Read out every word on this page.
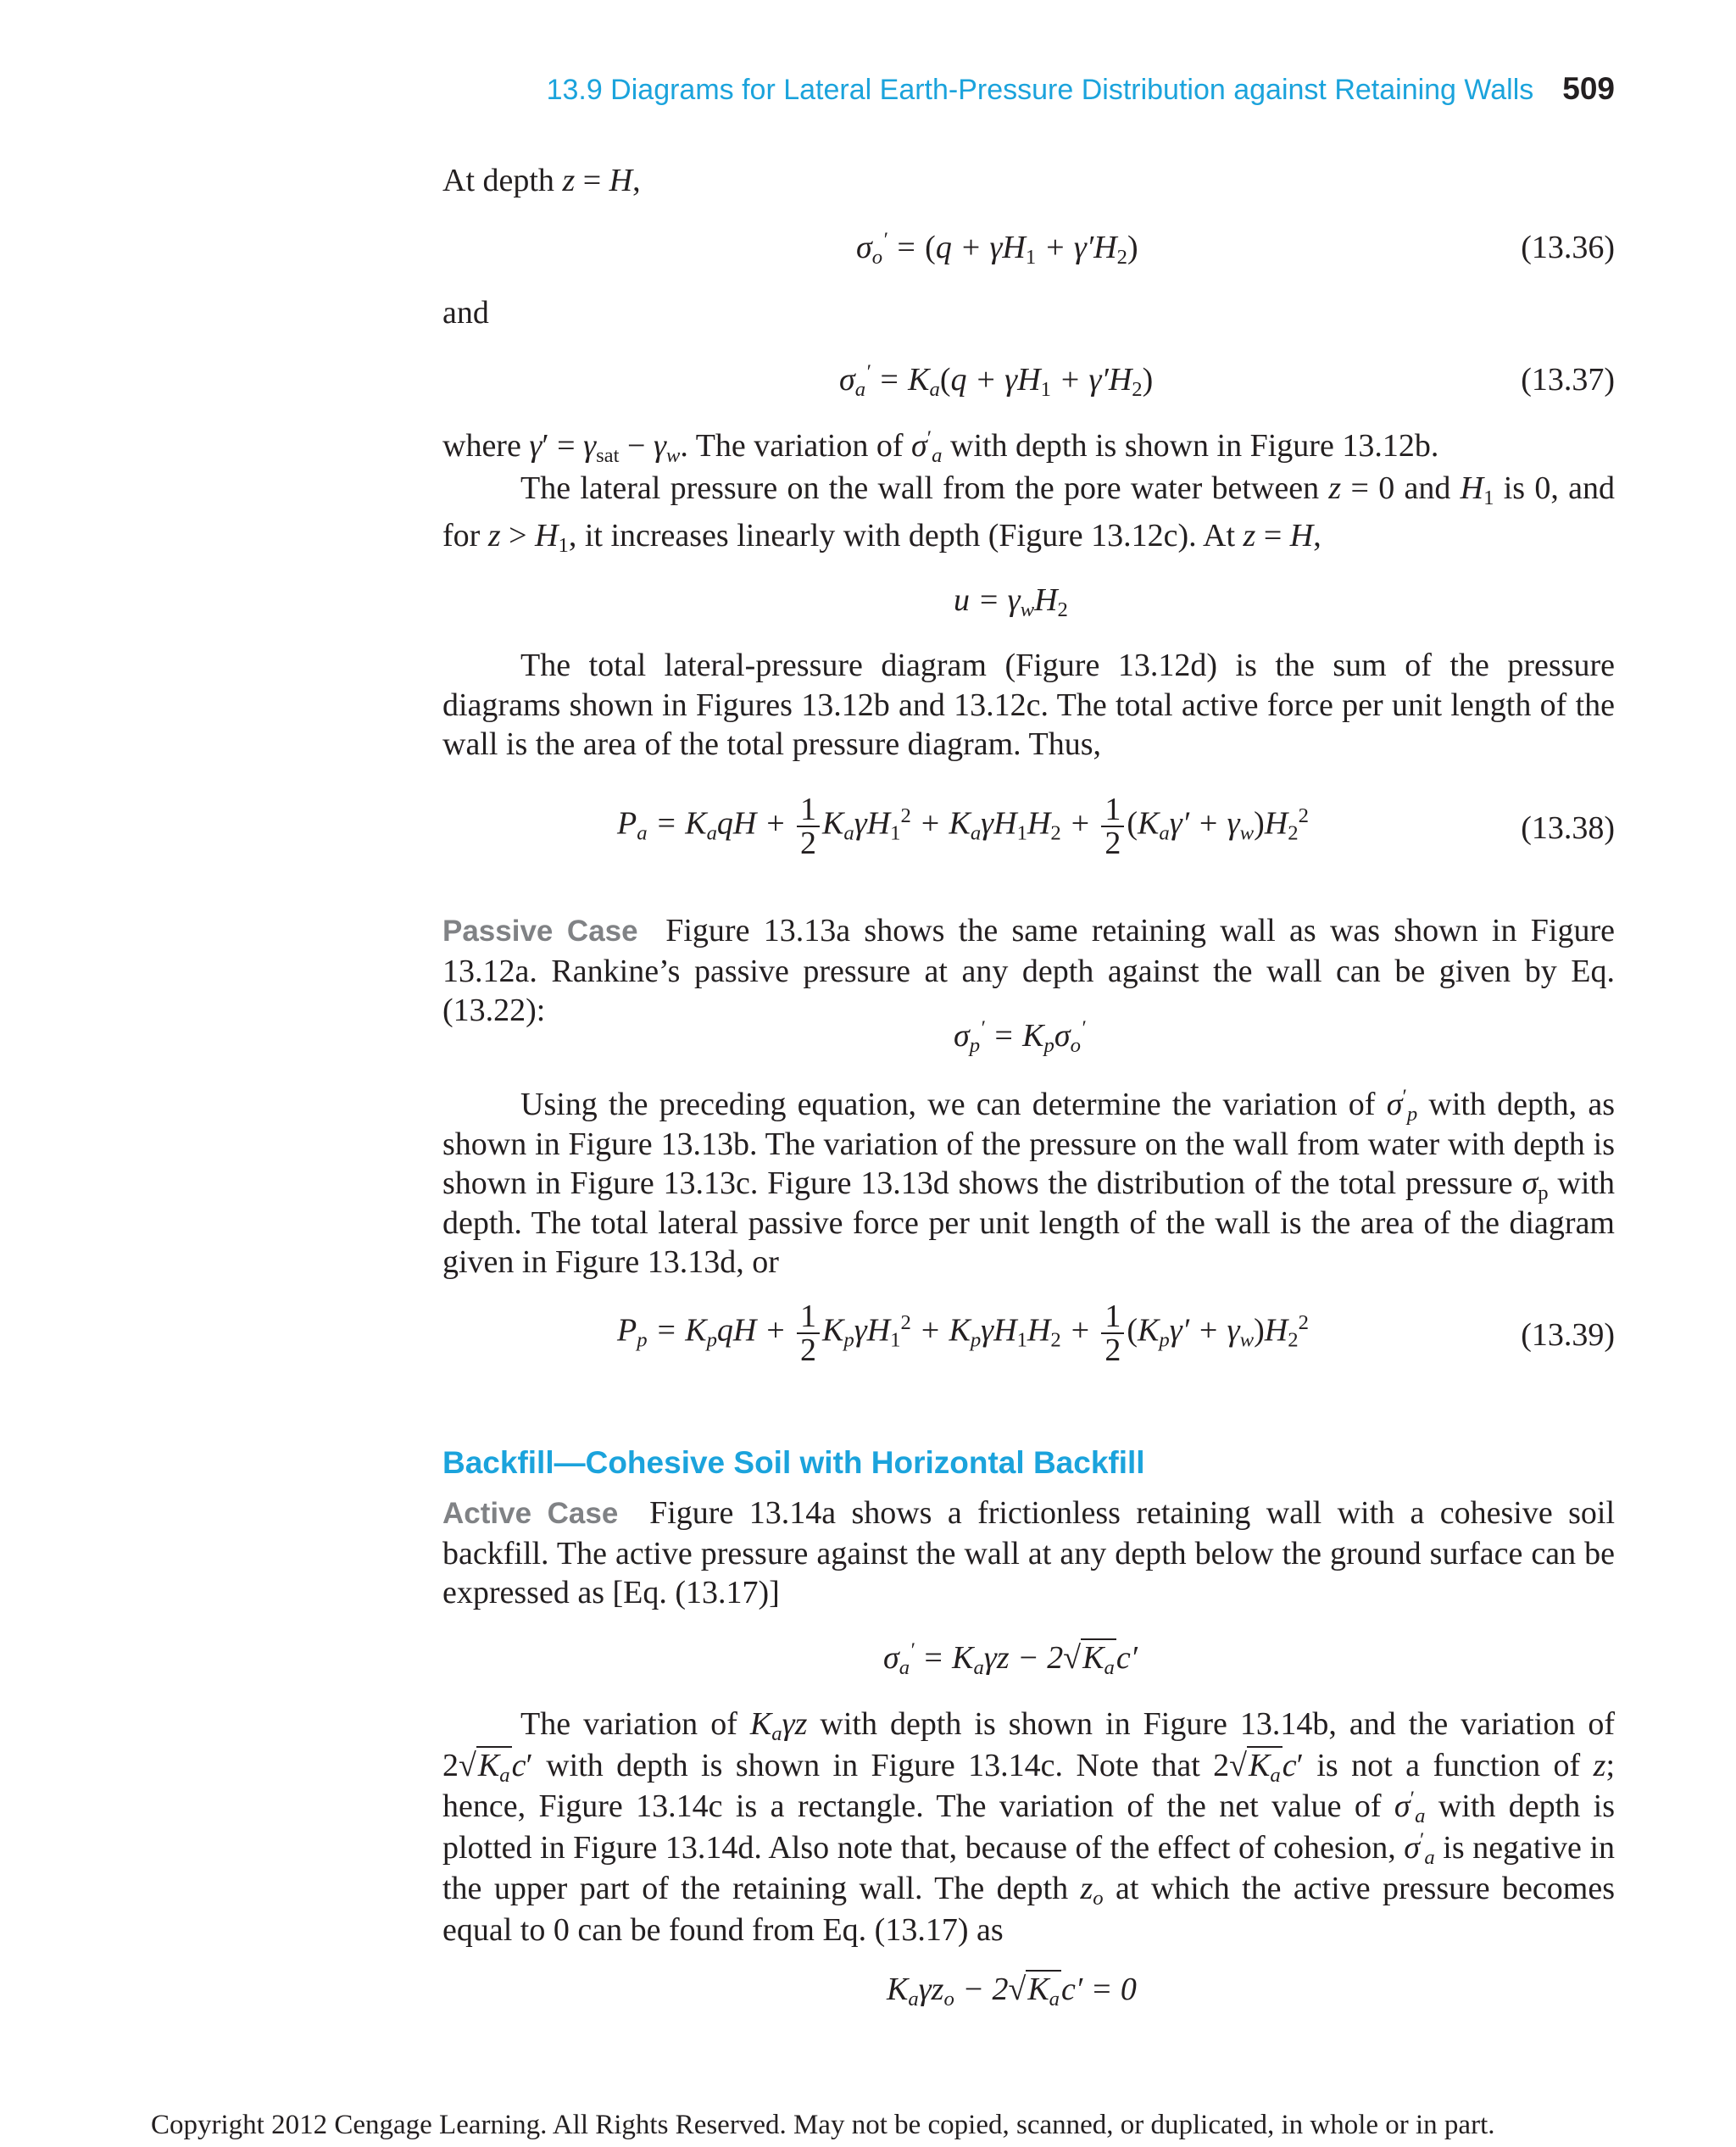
13.9 Diagrams for Lateral Earth-Pressure Distribution against Retaining Walls 509
At depth z = H,
$\sigma_o' = (q + \gamma H_1 + \gamma'H_2)$	(13.36)
and
$\sigma_a' = K_a(q + \gamma H_1 + \gamma'H_2)$	(13.37)
where $\gamma' = \gamma_{sat} - \gamma_w$. The variation of $\sigma'_a$ with depth is shown in Figure 13.12b.
The lateral pressure on the wall from the pore water between z = 0 and $H_1$ is 0, and for $z > H_1$, it increases linearly with depth (Figure 13.12c). At z = H,
$u = \gamma_wH_2$
The total lateral-pressure diagram (Figure 13.12d) is the sum of the pressure diagrams shown in Figures 13.12b and 13.12c. The total active force per unit length of the wall is the area of the total pressure diagram. Thus,
$P_a = K_aqH + \frac{1}{2} K_a\gamma H_1^2 + K_a\gamma H_1H_2 + \frac{1}{2} (K_a\gamma' + \gamma_w)H_2^2$	(13.38)
Passive Case Figure 13.13a shows the same retaining wall as was shown in Figure 13.12a. Rankine’s passive pressure at any depth against the wall can be given by Eq. (13.22):
$\sigma_p' = K_p\sigma_o'$
Using the preceding equation, we can determine the variation of $\sigma'_p$ with depth, as shown in Figure 13.13b. The variation of the pressure on the wall from water with depth is shown in Figure 13.13c. Figure 13.13d shows the distribution of the total pressure $\sigma_p$ with depth. The total lateral passive force per unit length of the wall is the area of the diagram given in Figure 13.13d, or
$P_p = K_pqH + \frac{1}{2} K_p\gamma H_1^2 + K_p\gamma H_1H_2 + \frac{1}{2} (K_p\gamma' + \gamma_w)H_2^2$	(13.39)
Backfill—Cohesive Soil with Horizontal Backfill
Active Case Figure 13.14a shows a frictionless retaining wall with a cohesive soil backfill. The active pressure against the wall at any depth below the ground surface can be expressed as [Eq. (13.17)]
$\sigma_a' = K_a\gamma z - 2√K_ac'$
The variation of $K_a\gamma z$ with depth is shown in Figure 13.14b, and the variation of $2√K_ac'$ with depth is shown in Figure 13.14c. Note that $2√K_ac'$ is not a function of z; hence, Figure 13.14c is a rectangle. The variation of the net value of $\sigma'_a$ with depth is plotted in Figure 13.14d. Also note that, because of the effect of cohesion, $\sigma'_a$ is negative in the upper part of the retaining wall. The depth $z_o$ at which the active pressure becomes equal to 0 can be found from Eq. (13.17) as
$K_a\gamma z_o - 2√K_ac' = 0$
Copyright 2012 Cengage Learning. All Rights Reserved. May not be copied, scanned, or duplicated, in whole or in part.
